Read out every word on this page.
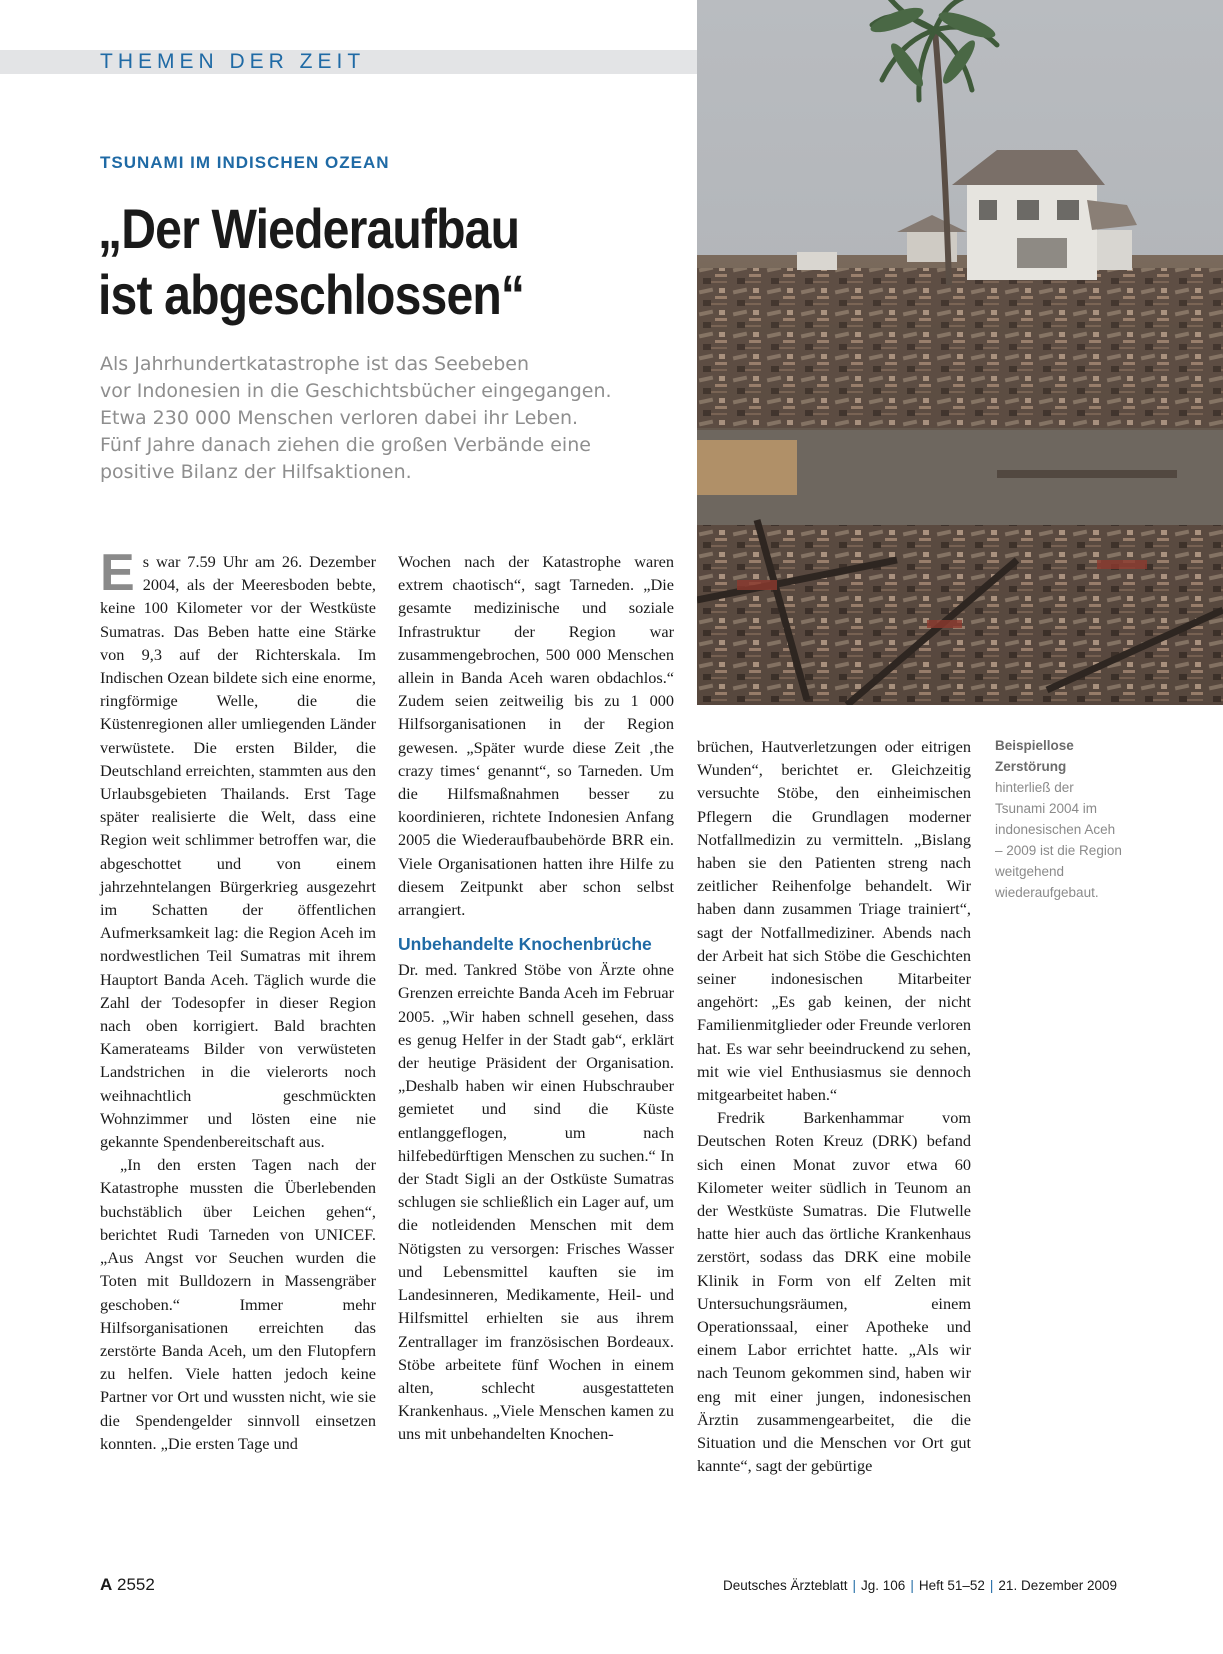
THEMEN DER ZEIT
TSUNAMI IM INDISCHEN OZEAN
„Der Wiederaufbau
ist abgeschlossen“
Als Jahrhundertkatastrophe ist das Seebeben
vor Indonesien in die Geschichtsbücher eingegangen.
Etwa 230 000 Menschen verloren dabei ihr Leben.
Fünf Jahre danach ziehen die großen Verbände eine
positive Bilanz der Hilfsaktionen.

Es war 7.59 Uhr am 26. Dezember 2004, als der Meeresboden bebte, keine 100 Kilometer vor der Westküste Sumatras. Das Beben hatte eine Stärke von 9,3 auf der Richterskala. Im Indischen Ozean bildete sich eine enorme, ringförmige Welle, die die Küstenregionen aller umliegenden Länder verwüstete. Die ersten Bilder, die Deutschland erreichten, stammten aus den Urlaubsgebieten Thailands. Erst Tage später realisierte die Welt, dass eine Region weit schlimmer betroffen war, die abgeschottet und von einem jahrzehntelangen Bürgerkrieg ausgezehrt im Schatten der öffentlichen Aufmerksamkeit lag: die Region Aceh im nordwestlichen Teil Sumatras mit ihrem Hauptort Banda Aceh. Täglich wurde die Zahl der Todesopfer in dieser Region nach oben korrigiert. Bald brachten Kamerateams Bilder von verwüsteten Landstrichen in die vielerorts noch weihnachtlich geschmückten Wohnzimmer und lösten eine nie gekannte Spendenbereitschaft aus.

„In den ersten Tagen nach der Katastrophe mussten die Überlebenden buchstäblich über Leichen gehen“, berichtet Rudi Tarneden von UNICEF. „Aus Angst vor Seuchen wurden die Toten mit Bulldozern in Massengräber geschoben.“ Immer mehr Hilfsorganisationen erreichten das zerstörte Banda Aceh, um den Flutopfern zu helfen. Viele hatten jedoch keine Partner vor Ort und wussten nicht, wie sie die Spendengelder sinnvoll einsetzen konnten. „Die ersten Tage und

Wochen nach der Katastrophe waren extrem chaotisch“, sagt Tarneden. „Die gesamte medizinische und soziale Infrastruktur der Region war zusammengebrochen, 500 000 Menschen allein in Banda Aceh waren obdachlos.“ Zudem seien zeitweilig bis zu 1 000 Hilfsorganisationen in der Region gewesen. „Später wurde diese Zeit ‚the crazy times‘ genannt“, so Tarneden. Um die Hilfsmaßnahmen besser zu koordinieren, richtete Indonesien Anfang 2005 die Wiederaufbaubehörde BRR ein. Viele Organisationen hatten ihre Hilfe zu diesem Zeitpunkt aber schon selbst arrangiert.

Unbehandelte Knochenbrüche

Dr. med. Tankred Stöbe von Ärzte ohne Grenzen erreichte Banda Aceh im Februar 2005. „Wir haben schnell gesehen, dass es genug Helfer in der Stadt gab“, erklärt der heutige Präsident der Organisation. „Deshalb haben wir einen Hubschrauber gemietet und sind die Küste entlanggeflogen, um nach hilfebedürftigen Menschen zu suchen.“ In der Stadt Sigli an der Ostküste Sumatras schlugen sie schließlich ein Lager auf, um die notleidenden Menschen mit dem Nötigsten zu versorgen: Frisches Wasser und Lebensmittel kauften sie im Landesinneren, Medikamente, Heil- und Hilfsmittel erhielten sie aus ihrem Zentrallager im französischen Bordeaux. Stöbe arbeitete fünf Wochen in einem alten, schlecht ausgestatteten Krankenhaus. „Viele Menschen kamen zu uns mit unbehandelten Knochen-

brüchen, Hautverletzungen oder eitrigen Wunden“, berichtet er. Gleichzeitig versuchte Stöbe, den einheimischen Pflegern die Grundlagen moderner Notfallmedizin zu vermitteln. „Bislang haben sie den Patienten streng nach zeitlicher Reihenfolge behandelt. Wir haben dann zusammen Triage trainiert“, sagt der Notfallmediziner. Abends nach der Arbeit hat sich Stöbe die Geschichten seiner indonesischen Mitarbeiter angehört: „Es gab keinen, der nicht Familienmitglieder oder Freunde verloren hat. Es war sehr beeindruckend zu sehen, mit wie viel Enthusiasmus sie dennoch mitgearbeitet haben.“

Fredrik Barkenhammar vom Deutschen Roten Kreuz (DRK) befand sich einen Monat zuvor etwa 60 Kilometer weiter südlich in Teunom an der Westküste Sumatras. Die Flutwelle hatte hier auch das örtliche Krankenhaus zerstört, sodass das DRK eine mobile Klinik in Form von elf Zelten mit Untersuchungsräumen, einem Operationssaal, einer Apotheke und einem Labor errichtet hatte. „Als wir nach Teunom gekommen sind, haben wir eng mit einer jungen, indonesischen Ärztin zusammengearbeitet, die die Situation und die Menschen vor Ort gut kannte“, sagt der gebürtige

Beispiellose Zerstörung hinterließ der Tsunami 2004 im indonesischen Aceh – 2009 ist die Region weitgehend wiederaufgebaut.
A 2552	Deutsches Ärzteblatt | Jg. 106 | Heft 51–52 | 21. Dezember 2009
